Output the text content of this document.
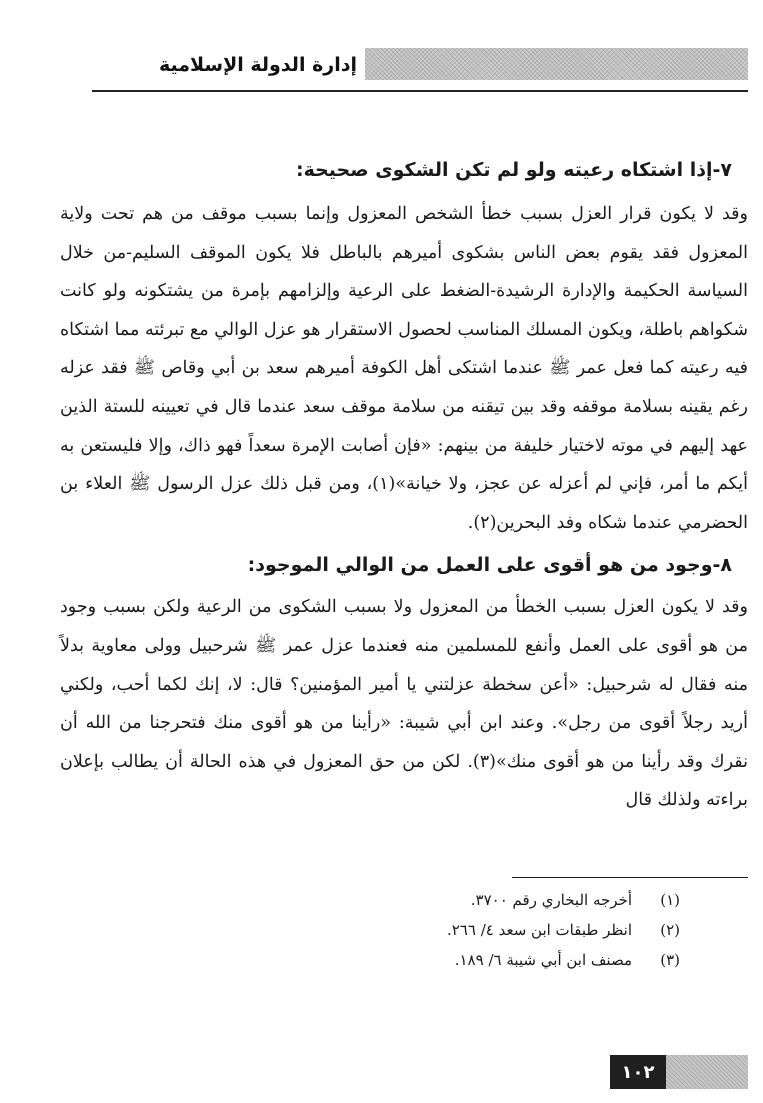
إدارة الدولة الإسلامية
٧-إذا اشتكاه رعيته ولو لم تكن الشكوى صحيحة:

وقد لا يكون قرار العزل بسبب خطأ الشخص المعزول وإنما بسبب موقف من هم تحت ولاية المعزول فقد يقوم بعض الناس بشكوى أميرهم بالباطل فلا يكون الموقف السليم-من خلال السياسة الحكيمة والإدارة الرشيدة-الضغط على الرعية وإلزامهم بإمرة من يشتكونه ولو كانت شكواهم باطلة، ويكون المسلك المناسب لحصول الاستقرار هو عزل الوالي مع تبرئته مما اشتكاه فيه رعيته كما فعل عمر ﷺ عندما اشتكى أهل الكوفة أميرهم سعد بن أبي وقاص ﷺ فقد عزله رغم يقينه بسلامة موقفه وقد بين تيقنه من سلامة موقف سعد عندما قال في تعيينه للستة الذين عهد إليهم في موته لاختيار خليفة من بينهم: «فإن أصابت الإمرة سعداً فهو ذاك، وإلا فليستعن به أيكم ما أمر، فإني لم أعزله عن عجز، ولا خيانة»(١)، ومن قبل ذلك عزل الرسول ﷺ العلاء بن الحضرمي عندما شكاه وفد البحرين(٢).

٨-وجود من هو أقوى على العمل من الوالي الموجود:

وقد لا يكون العزل بسبب الخطأ من المعزول ولا بسبب الشكوى من الرعية ولكن بسبب وجود من هو أقوى على العمل وأنفع للمسلمين منه فعندما عزل عمر ﷺ شرحبيل وولى معاوية بدلاً منه فقال له شرحبيل: «أعن سخطة عزلتني يا أمير المؤمنين؟ قال: لا، إنك لكما أحب، ولكني أريد رجلاً أقوى من رجل». وعند ابن أبي شيبة: «رأينا من هو أقوى منك فتحرجنا من الله أن نقرك وقد رأينا من هو أقوى منك»(٣). لكن من حق المعزول في هذه الحالة أن يطالب بإعلان براءته ولذلك قال

(١)
أخرجه البخاري رقم ٣٧٠٠.
(٢)
انظر طبقات ابن سعد ٤/ ٢٦٦.
(٣)
مصنف ابن أبي شيبة ٦/ ١٨٩.
١٠٢
